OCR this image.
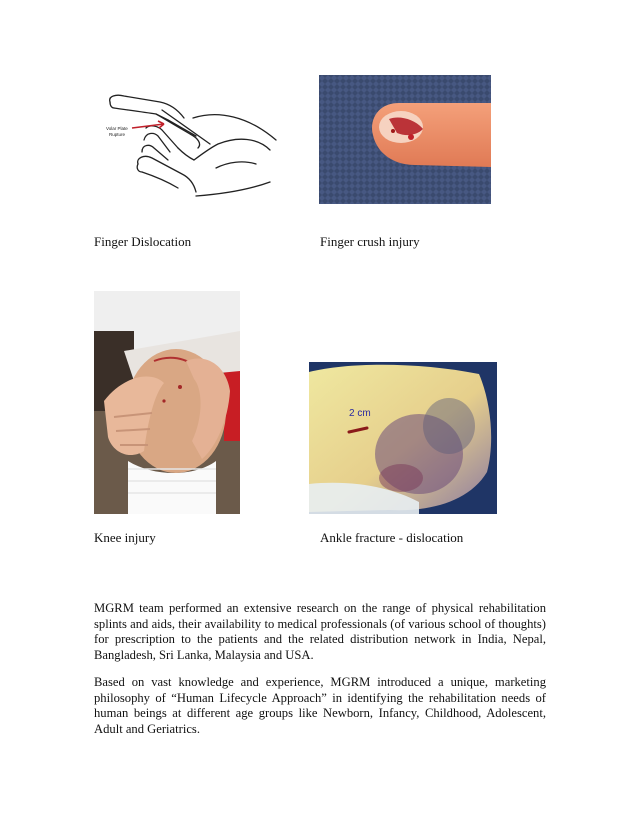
Volar Plate
Rupture
Finger Dislocation	Finger crush injury
2 cm
Knee injury	Ankle fracture - dislocation

MGRM team performed an extensive research on the range of physical rehabilitation splints and aids, their availability to medical professionals (of various school of thoughts) for prescription to the patients and the related distribution network in India, Nepal, Bangladesh, Sri Lanka, Malaysia and USA.

Based on vast knowledge and experience, MGRM introduced a unique, marketing philosophy of “Human Lifecycle Approach” in identifying the rehabilitation needs of human beings at different age groups like Newborn, Infancy, Childhood, Adolescent, Adult and Geriatrics.
